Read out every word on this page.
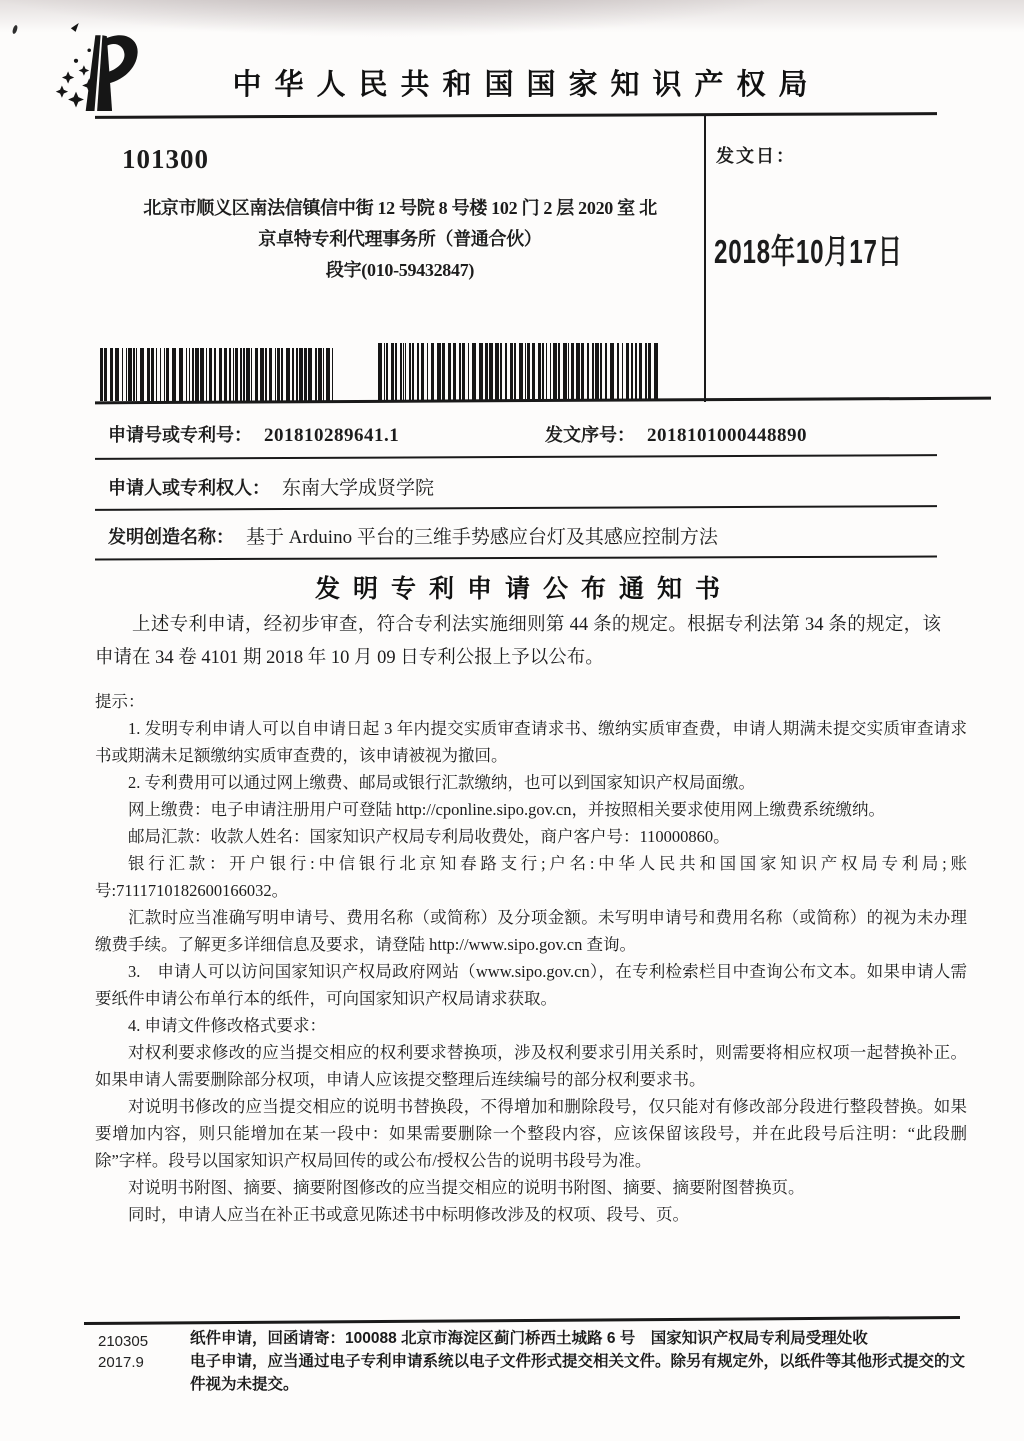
中华人民共和国国家知识产权局
101300
北京市顺义区南法信镇信中街 12 号院 8 号楼 102 门 2 层 2020 室 北
京卓特专利代理事务所（普通合伙）
段宇(010-59432847)
发文日：
2018年10月17日
申请号或专利号： 201810289641.1	发文序号： 2018101000448890
申请人或专利权人： 东南大学成贤学院
发明创造名称： 基于 Arduino 平台的三维手势感应台灯及其感应控制方法
发明专利申请公布通知书
上述专利申请，经初步审查，符合专利法实施细则第 44 条的规定。根据专利法第 34 条的规定，该申请在 34 卷 4101 期 2018 年 10 月 09 日专利公报上予以公布。

提示：

1. 发明专利申请人可以自申请日起 3 年内提交实质审查请求书、缴纳实质审查费，申请人期满未提交实质审查请求书或期满未足额缴纳实质审查费的，该申请被视为撤回。

2. 专利费用可以通过网上缴费、邮局或银行汇款缴纳，也可以到国家知识产权局面缴。

网上缴费：电子申请注册用户可登陆 http://cponline.sipo.gov.cn，并按照相关要求使用网上缴费系统缴纳。

邮局汇款：收款人姓名：国家知识产权局专利局收费处，商户客户号：110000860。

银行汇款：开户银行:中信银行北京知春路支行;户名:中华人民共和国国家知识产权局专利局;账号:7111710182600166032。

汇款时应当准确写明申请号、费用名称（或简称）及分项金额。未写明申请号和费用名称（或简称）的视为未办理缴费手续。了解更多详细信息及要求，请登陆 http://www.sipo.gov.cn 查询。

3.　申请人可以访问国家知识产权局政府网站（www.sipo.gov.cn），在专利检索栏目中查询公布文本。如果申请人需要纸件申请公布单行本的纸件，可向国家知识产权局请求获取。

4. 申请文件修改格式要求：

对权利要求修改的应当提交相应的权利要求替换项，涉及权利要求引用关系时，则需要将相应权项一起替换补正。如果申请人需要删除部分权项，申请人应该提交整理后连续编号的部分权利要求书。

对说明书修改的应当提交相应的说明书替换段，不得增加和删除段号，仅只能对有修改部分段进行整段替换。如果要增加内容，则只能增加在某一段中：如果需要删除一个整段内容，应该保留该段号，并在此段号后注明：“此段删除”字样。段号以国家知识产权局回传的或公布/授权公告的说明书段号为准。

对说明书附图、摘要、摘要附图修改的应当提交相应的说明书附图、摘要、摘要附图替换页。

同时，申请人应当在补正书或意见陈述书中标明修改涉及的权项、段号、页。

210305
2017.9

纸件申请，回函请寄：100088 北京市海淀区蓟门桥西土城路 6 号　国家知识产权局专利局受理处收

电子申请，应当通过电子专利申请系统以电子文件形式提交相关文件。除另有规定外，以纸件等其他形式提交的文件视为未提交。
